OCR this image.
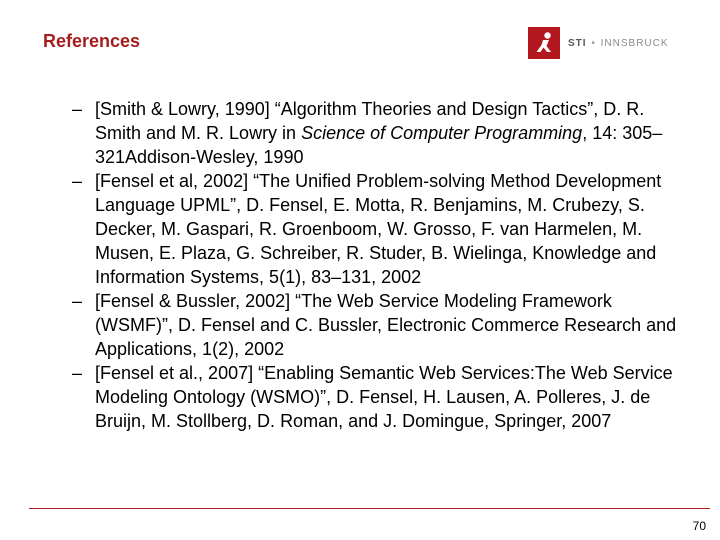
References	STI • INNSBRUCK
– [Smith & Lowry, 1990] “Algorithm Theories and Design Tactics”, D. R. Smith and M. R. Lowry in Science of Computer Programming, 14: 305–321Addison-Wesley, 1990
– [Fensel et al, 2002] “The Unified Problem-solving Method Development Language UPML”, D. Fensel, E. Motta, R. Benjamins, M. Crubezy, S. Decker, M. Gaspari, R. Groenboom, W. Grosso, F. van Harmelen, M. Musen, E. Plaza, G. Schreiber, R. Studer, B. Wielinga, Knowledge and Information Systems, 5(1), 83–131, 2002
– [Fensel & Bussler, 2002] “The Web Service Modeling Framework (WSMF)”, D. Fensel and C. Bussler, Electronic Commerce Research and Applications, 1(2), 2002
– [Fensel et al., 2007] “Enabling Semantic Web Services:The Web Service Modeling Ontology (WSMO)”, D. Fensel, H. Lausen, A. Polleres, J. de Bruijn, M. Stollberg, D. Roman, and J. Domingue, Springer, 2007
70
